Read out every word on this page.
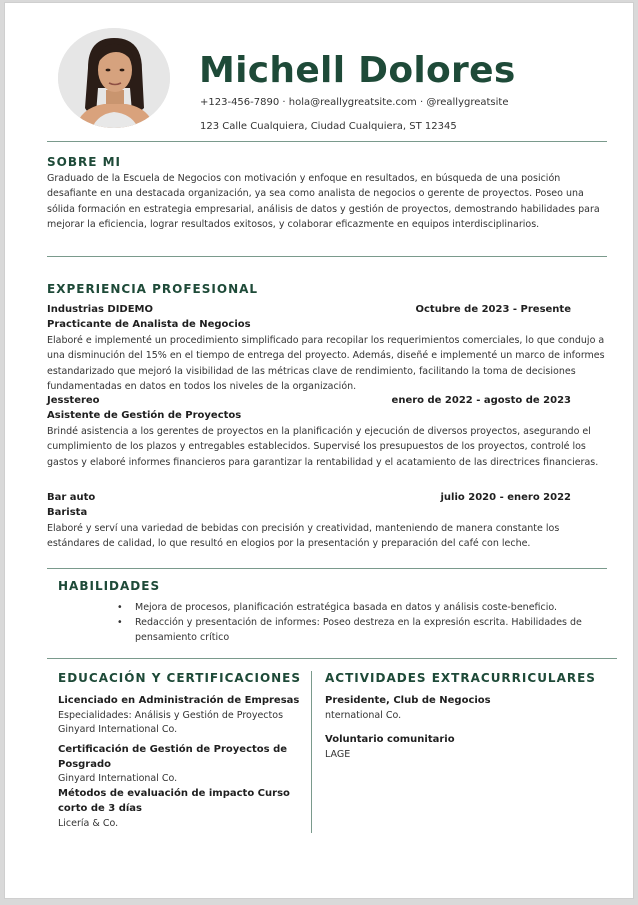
Michell Dolores
+123-456-7890 · hola@reallygreatsite.com · @reallygreatsite
123 Calle Cualquiera, Ciudad Cualquiera, ST 12345
SOBRE MI
Graduado de la Escuela de Negocios con motivación y enfoque en resultados, en búsqueda de una posición desafiante en una destacada organización, ya sea como analista de negocios o gerente de proyectos. Poseo una sólida formación en estrategia empresarial, análisis de datos y gestión de proyectos, demostrando habilidades para mejorar la eficiencia, lograr resultados exitosos, y colaborar eficazmente en equipos interdisciplinarios.
EXPERIENCIA PROFESIONAL
Industrias DIDEMO	Octubre de 2023 - Presente
Practicante de Analista de Negocios
Elaboré e implementé un procedimiento simplificado para recopilar los requerimientos comerciales, lo que condujo a una disminución del 15% en el tiempo de entrega del proyecto. Además, diseñé e implementé un marco de informes estandarizado que mejoró la visibilidad de las métricas clave de rendimiento, facilitando la toma de decisiones fundamentadas en datos en todos los niveles de la organización.
Jesstereo	enero de 2022 - agosto de 2023
Asistente de Gestión de Proyectos
Brindé asistencia a los gerentes de proyectos en la planificación y ejecución de diversos proyectos, asegurando el cumplimiento de los plazos y entregables establecidos. Supervisé los presupuestos de los proyectos, controlé los gastos y elaboré informes financieros para garantizar la rentabilidad y el acatamiento de las directrices financieras.
Bar auto	julio 2020 - enero 2022
Barista
Elaboré y serví una variedad de bebidas con precisión y creatividad, manteniendo de manera constante los estándares de calidad, lo que resultó en elogios por la presentación y preparación del café con leche.
HABILIDADES
• Mejora de procesos, planificación estratégica basada en datos y análisis coste-beneficio.
• Redacción y presentación de informes: Poseo destreza en la expresión escrita. Habilidades de pensamiento crítico
EDUCACIÓN Y CERTIFICACIONES
Licenciado en Administración de Empresas
Especialidades: Análisis y Gestión de Proyectos
Ginyard International Co.
Certificación de Gestión de Proyectos de Posgrado
Ginyard International Co.
Métodos de evaluación de impacto Curso corto de 3 días
Licería & Co.
ACTIVIDADES EXTRACURRICULARES
Presidente, Club de Negocios
nternational Co.
Voluntario comunitario
LAGE
